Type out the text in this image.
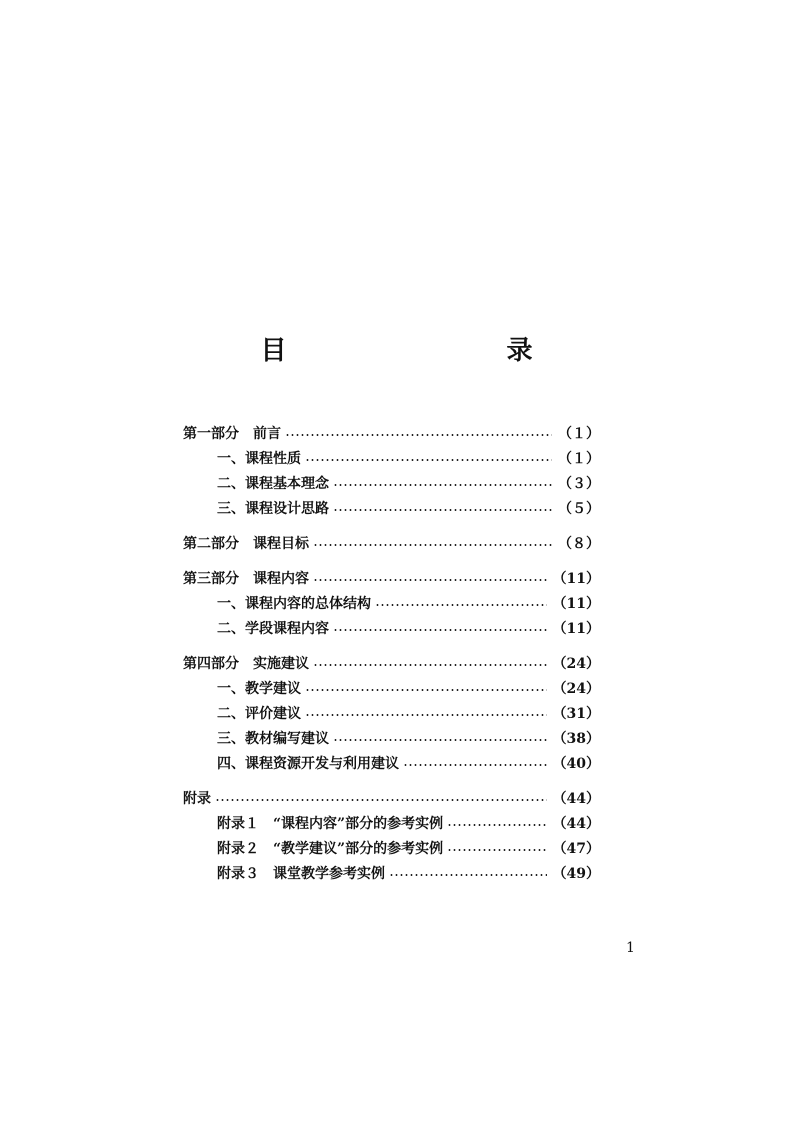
目　　录
第一部分　前言	（１）
一、课程性质	（１）
二、课程基本理念	（３）
三、课程设计思路	（５）
第二部分　课程目标	（８）
第三部分　课程内容	（11）
一、课程内容的总体结构	（11）
二、学段课程内容	（11）
第四部分　实施建议	（24）
一、教学建议	（24）
二、评价建议	（31）
三、教材编写建议	（38）
四、课程资源开发与利用建议	（40）
附录	（44）
附录１　“课程内容”部分的参考实例	（44）
附录２　“教学建议”部分的参考实例	（47）
附录３　课堂教学参考实例	（49）
1
